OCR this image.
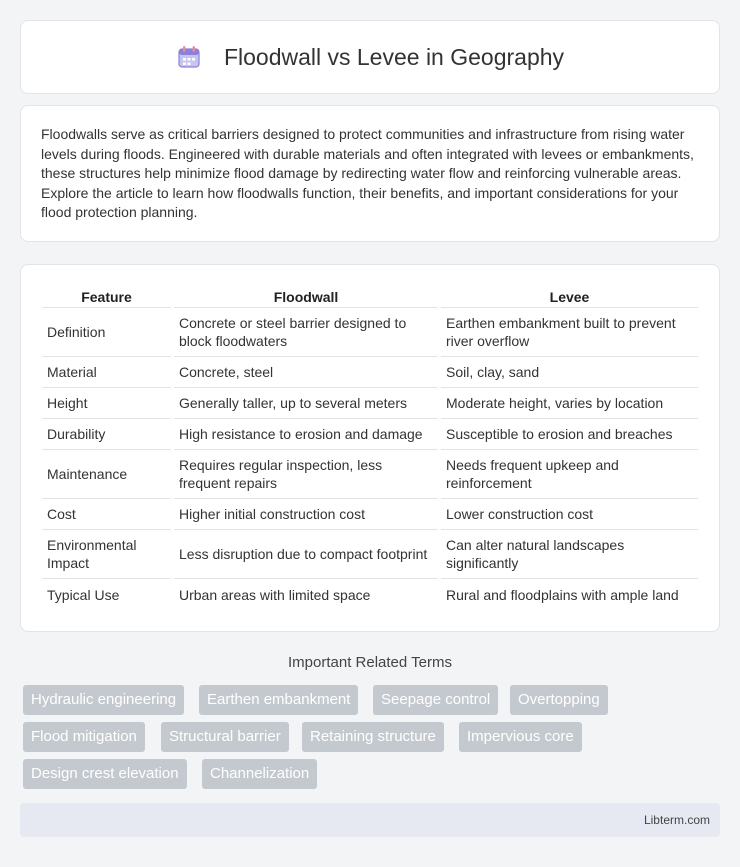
Floodwall vs Levee in Geography

Floodwalls serve as critical barriers designed to protect communities and infrastructure from rising water levels during floods. Engineered with durable materials and often integrated with levees or embankments, these structures help minimize flood damage by redirecting water flow and reinforcing vulnerable areas. Explore the article to learn how floodwalls function, their benefits, and important considerations for your flood protection planning.

Feature	Floodwall	Levee
Definition	Concrete or steel barrier designed to block floodwaters	Earthen embankment built to prevent river overflow
Material	Concrete, steel	Soil, clay, sand
Height	Generally taller, up to several meters	Moderate height, varies by location
Durability	High resistance to erosion and damage	Susceptible to erosion and breaches
Maintenance	Requires regular inspection, less frequent repairs	Needs frequent upkeep and reinforcement
Cost	Higher initial construction cost	Lower construction cost
Environmental Impact	Less disruption due to compact footprint	Can alter natural landscapes significantly
Typical Use	Urban areas with limited space	Rural and floodplains with ample land
Important Related Terms
Hydraulic engineering	Earthen embankment	Seepage control	Overtopping
Flood mitigation	Structural barrier	Retaining structure	Impervious core
Design crest elevation	Channelization
Libterm.com
